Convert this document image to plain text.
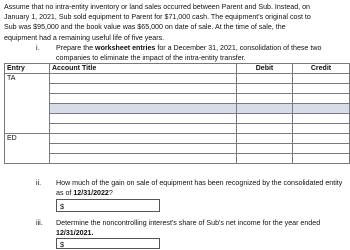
Assume that no intra-entity inventory or land sales occurred between Parent and Sub. Instead, on
January 1, 2021, Sub sold equipment to Parent for $71,000 cash. The equipment's original cost to
Sub was $95,000 and the book value was $65,000 on date of sale. At the time of sale, the
equipment had a remaining useful life of five years.
i. Prepare the worksheet entries for a December 31, 2021, consolidation of these two
companies to eliminate the impact of the intra-entity transfer.
Entry	Account Title	Debit	Credit
TA			

ED			

ii. How much of the gain on sale of equipment has been recognized by the consolidated entity
as of 12/31/2022?
$
iii. Determine the noncontrolling interest's share of Sub's net income for the year ended
12/31/2021.
$
